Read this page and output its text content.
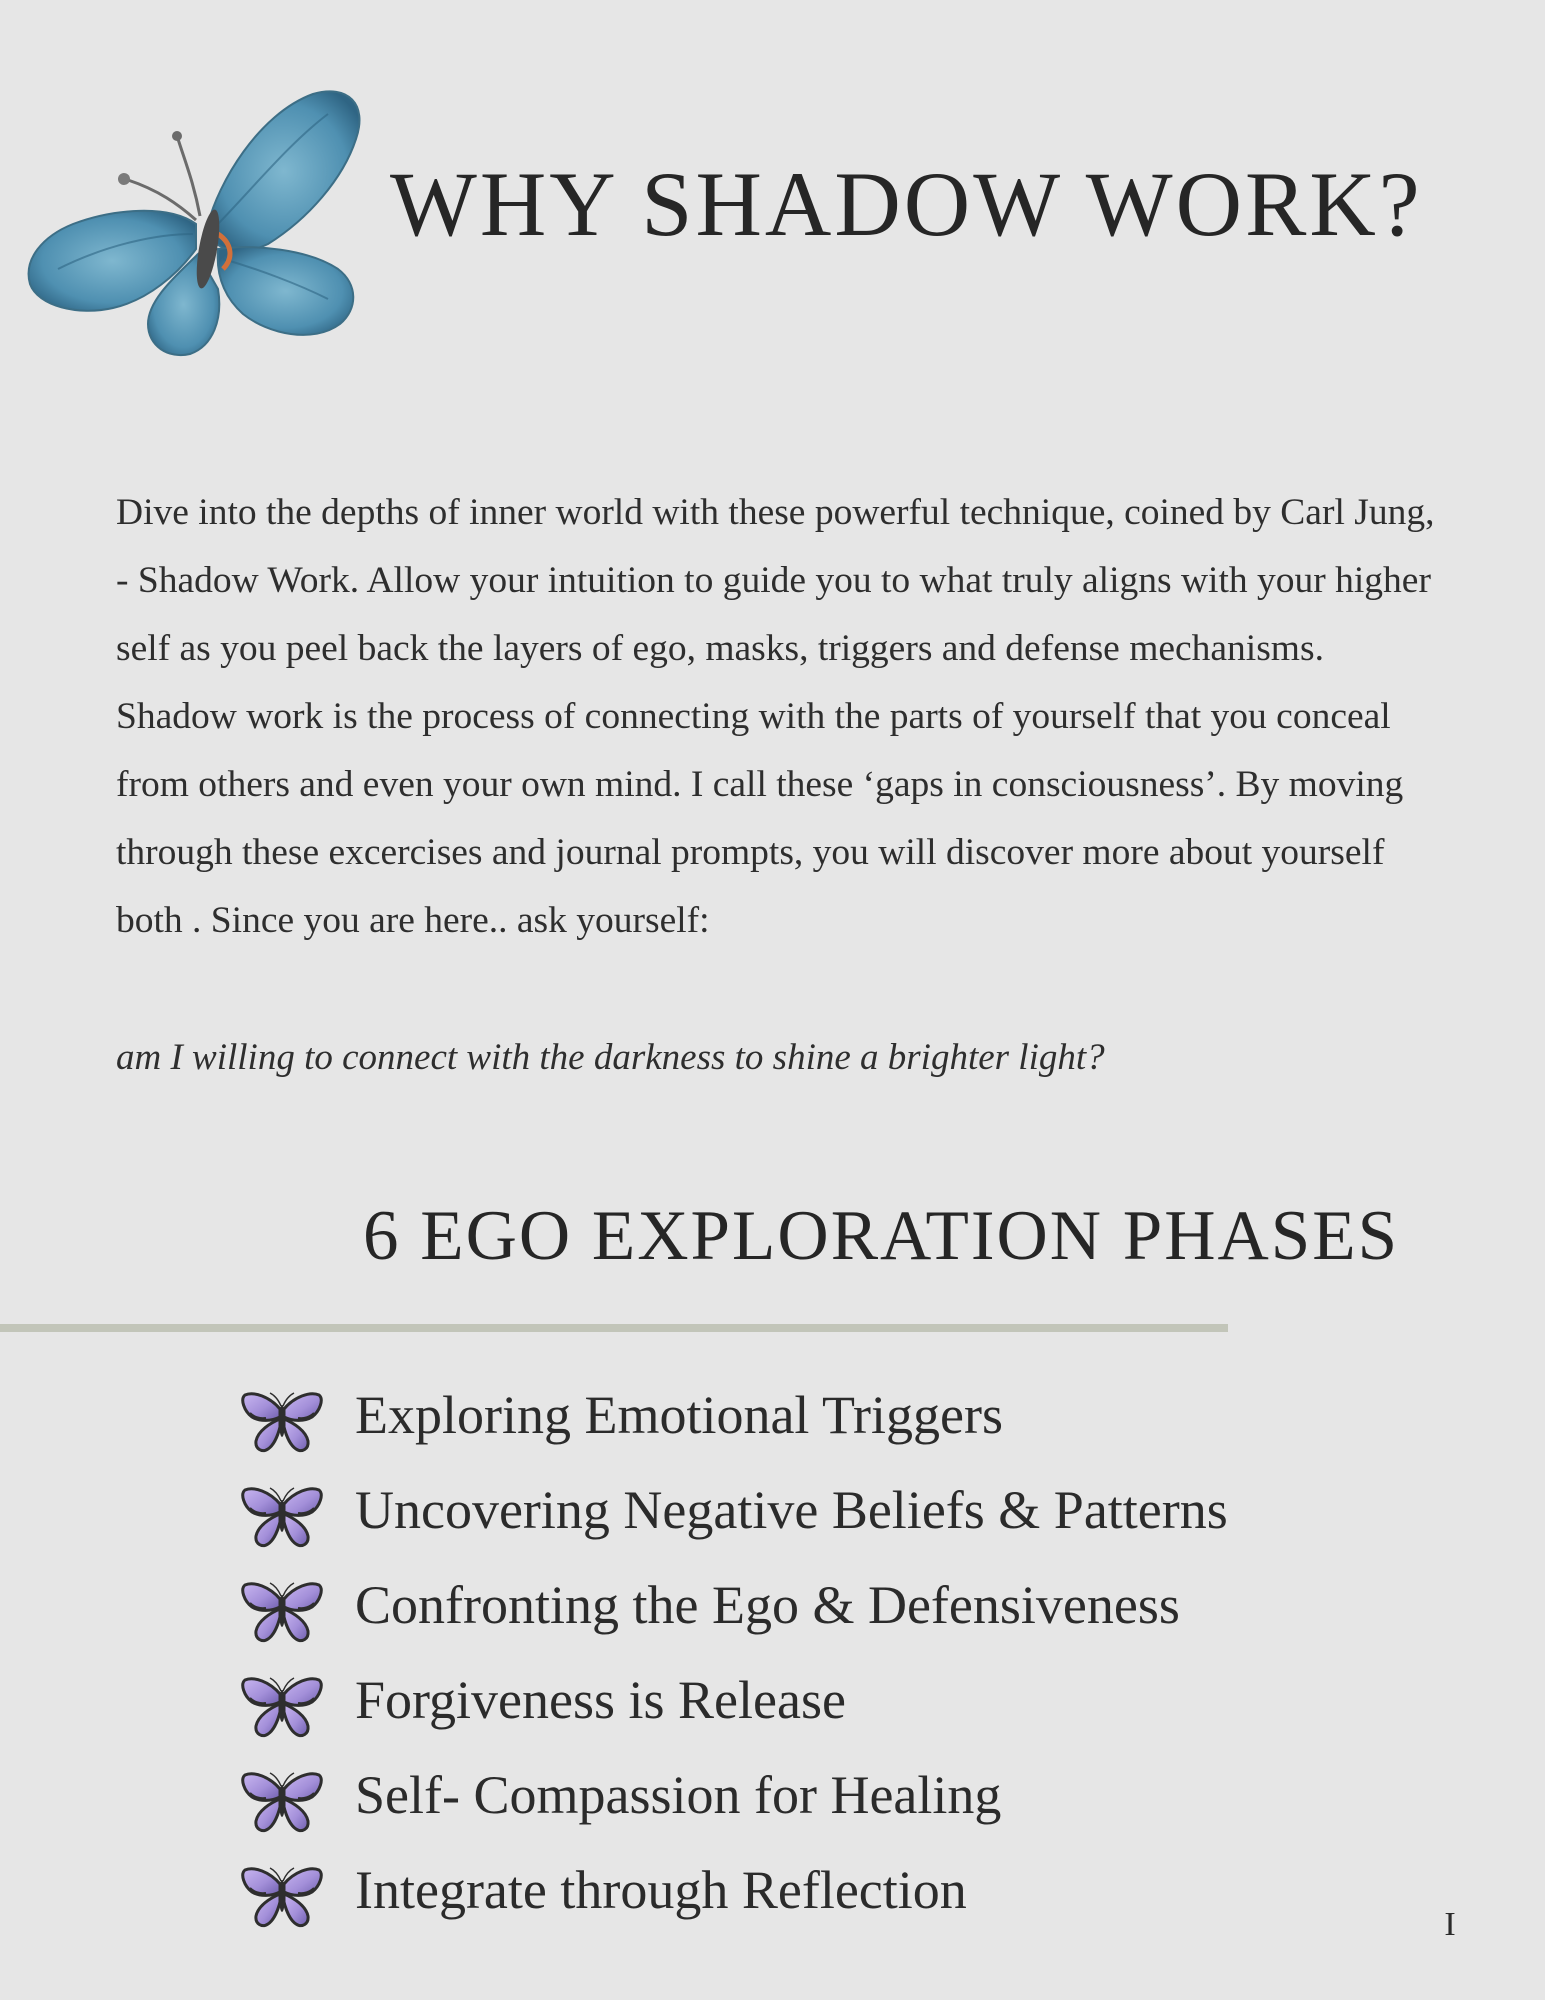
WHY SHADOW WORK?

Dive into the depths of inner world with these powerful technique, coined by Carl Jung, - Shadow Work. Allow your intuition to guide you to what truly aligns with your higher self as you peel back the layers of ego, masks, triggers and defense mechanisms. Shadow work is the process of connecting with the parts of yourself that you conceal from others and even your own mind. I call these ‘gaps in consciousness’. By moving through these excercises and journal prompts, you will discover more about yourself both . Since you are here.. ask yourself:

am I willing to connect with the darkness to shine a brighter light?

6 EGO EXPLORATION PHASES
Exploring Emotional Triggers
Uncovering Negative Beliefs & Patterns
Confronting the Ego & Defensiveness
Forgiveness is Release
Self- Compassion for Healing
Integrate through Reflection
I
